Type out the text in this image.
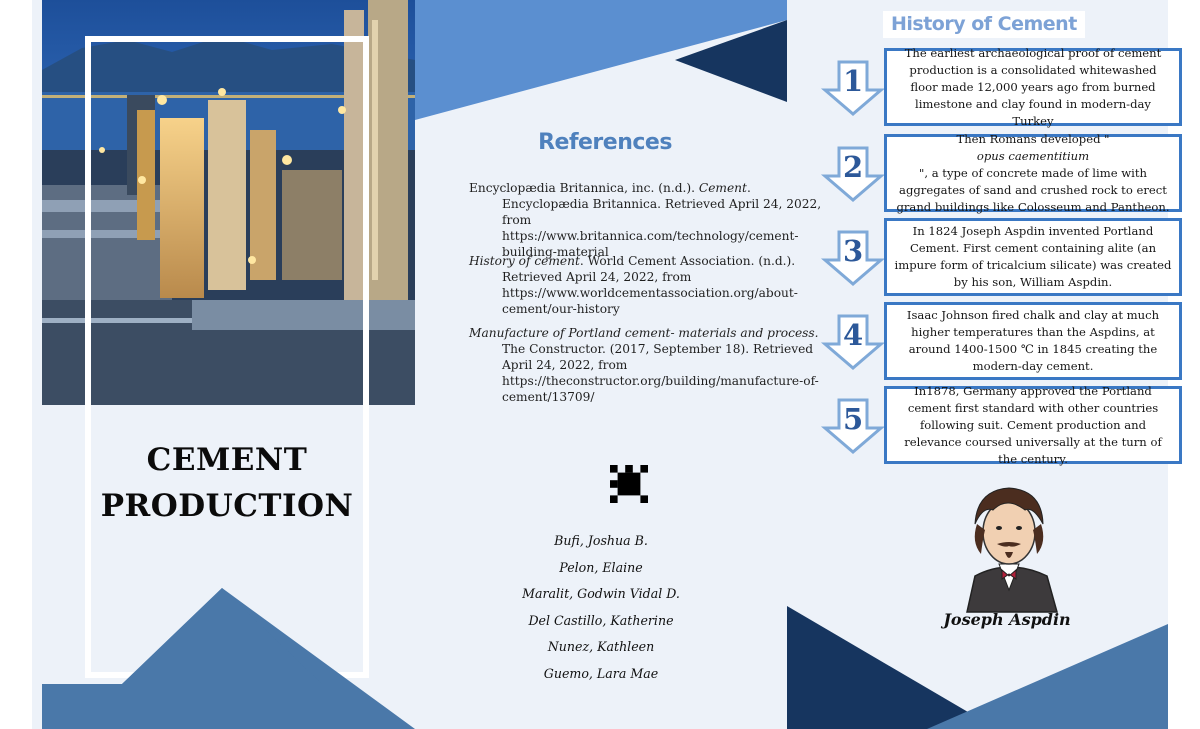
CEMENT

PRODUCTION

References

Encyclopædia Britannica, inc. (n.d.). Cement. Encyclopædia Britannica. Retrieved April 24, 2022, from https://www.britannica.com/technology/cement-building-material

History of cement. World Cement Association. (n.d.). Retrieved April 24, 2022, from https://www.worldcementassociation.org/about-cement/our-history

Manufacture of Portland cement- materials and process. The Constructor. (2017, September 18). Retrieved April 24, 2022, from https://theconstructor.org/building/manufacture-of-cement/13709/

Bufi, Joshua B.

Pelon, Elaine

Maralit, Godwin Vidal D.

Del Castillo, Katherine

Nunez, Kathleen

Guemo, Lara Mae

History of Cement
1
The earliest archaeological proof of cement production is a consolidated whitewashed floor made 12,000 years ago from burned limestone and clay found in modern-day Turkey
2
Then Romans developed "
opus caementitium
", a type of concrete made of lime with aggregates of sand and crushed rock to erect grand buildings like Colosseum and Pantheon.
3
In 1824 Joseph Aspdin invented Portland Cement. First cement containing alite (an impure form of tricalcium silicate) was created by his son, William Aspdin.
4
Isaac Johnson fired chalk and clay at much higher temperatures than the Aspdins, at around 1400-1500 ℃ in 1845 creating the modern-day cement.
5
In1878, Germany approved the Portland cement first standard with other countries following suit. Cement production and relevance coursed universally at the turn of the century.

Joseph Aspdin
